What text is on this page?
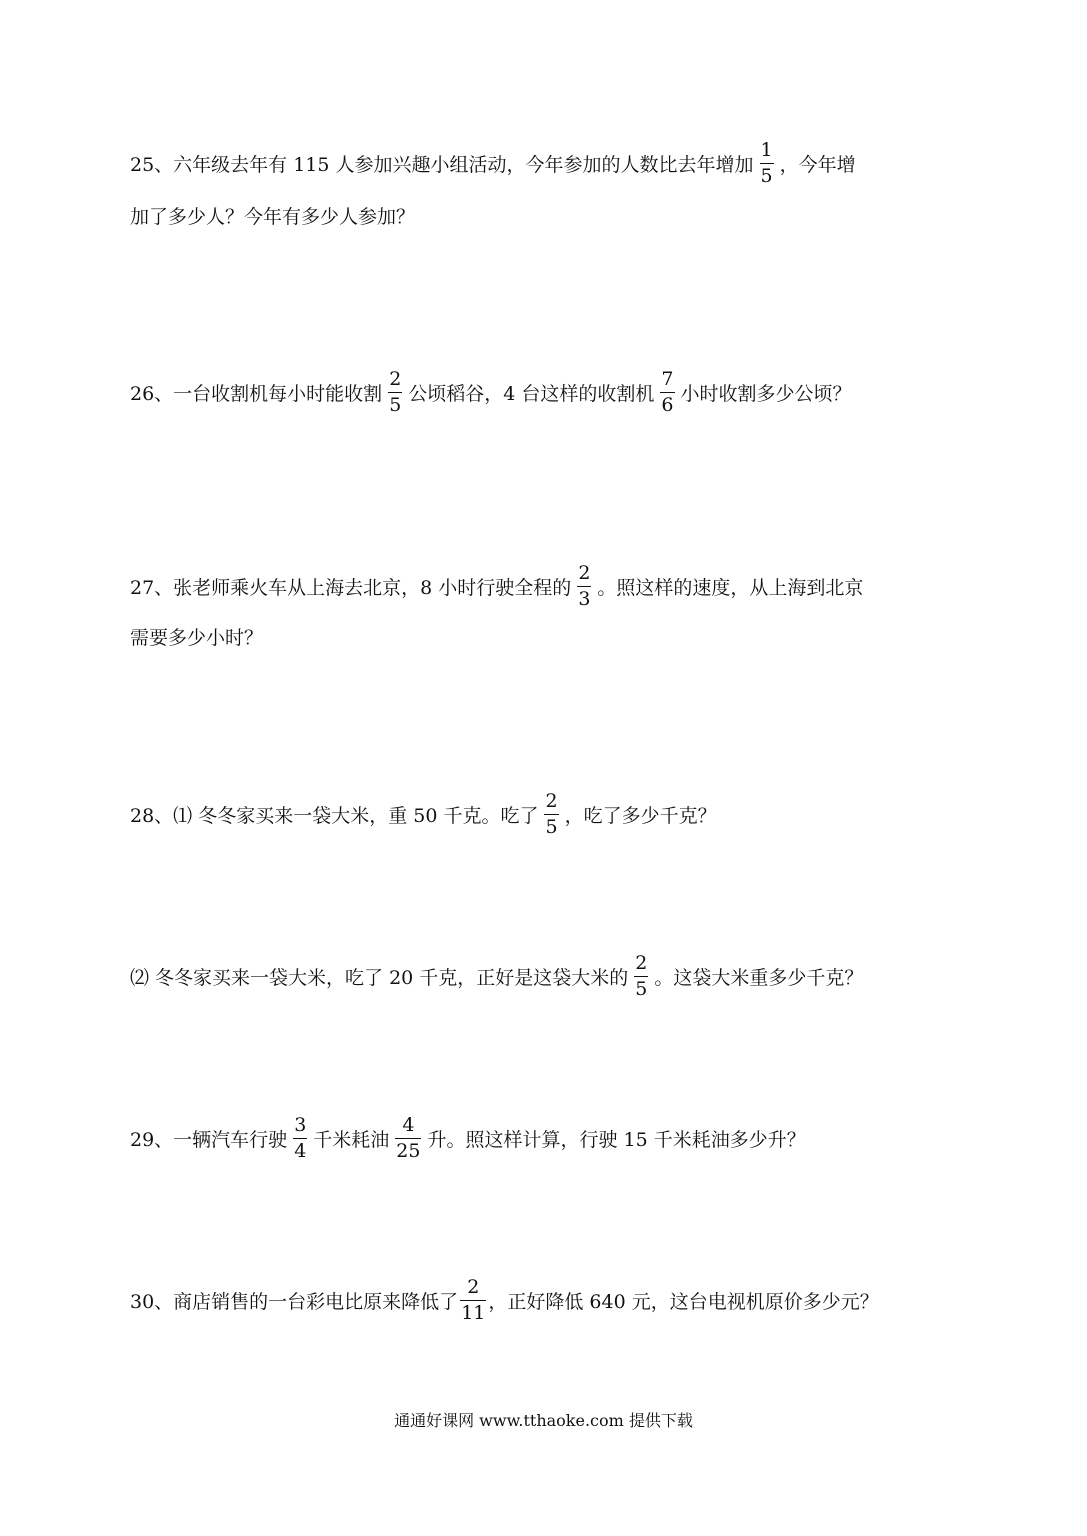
25、六年级去年有 115 人参加兴趣小组活动，今年参加的人数比去年增加 $\frac{1}{5}$ ，今年增
加了多少人？今年有多少人参加？
26、一台收割机每小时能收割 $\frac{2}{5}$ 公顷稻谷，4 台这样的收割机 $\frac{7}{6}$ 小时收割多少公顷？
27、张老师乘火车从上海去北京，8 小时行驶全程的 $\frac{2}{3}$ 。照这样的速度，从上海到北京
需要多少小时？
28、⑴ 冬冬家买来一袋大米，重 50 千克。吃了 $\frac{2}{5}$ ，吃了多少千克？
⑵ 冬冬家买来一袋大米，吃了 20 千克，正好是这袋大米的 $\frac{2}{5}$ 。这袋大米重多少千克？
29、一辆汽车行驶 $\frac{3}{4}$ 千米耗油 $\frac{4}{25}$ 升。照这样计算，行驶 15 千米耗油多少升？
30、商店销售的一台彩电比原来降低了 $\frac{2}{11}$ ，正好降低 640 元，这台电视机原价多少元？
通通好课网 www.tthaoke.com 提供下载
